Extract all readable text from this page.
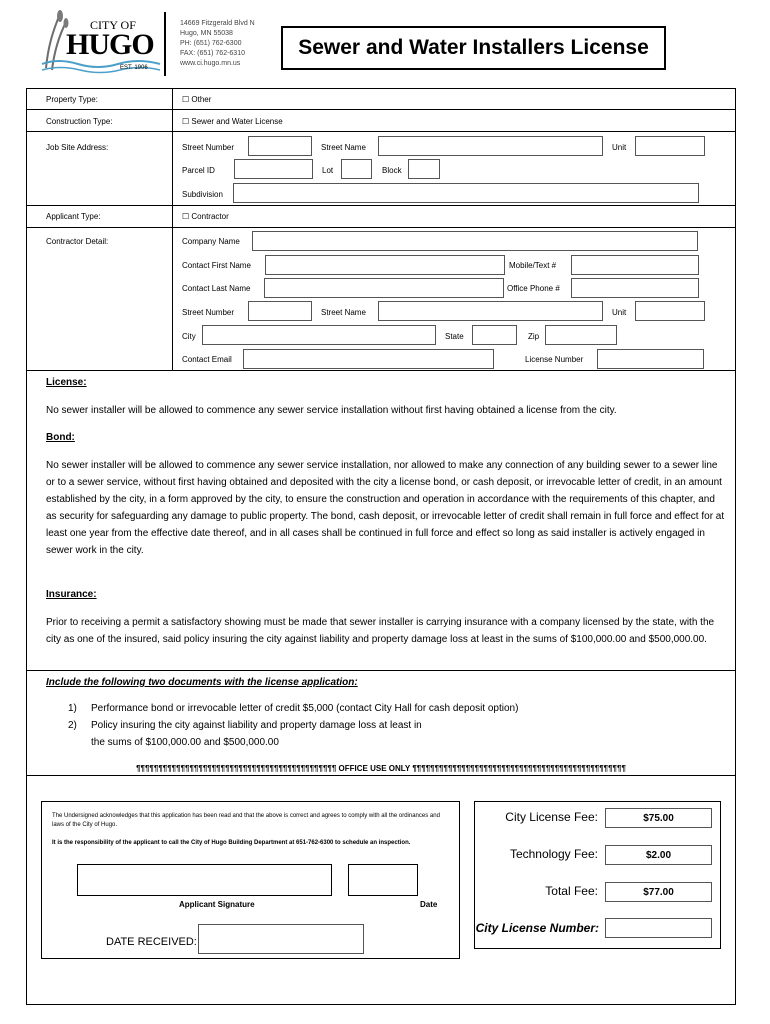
CITY OF
HUGO
EST. 1906
14669 Fitzgerald Blvd N
Hugo, MN 55038
PH: (651) 762-6300
FAX: (651) 762-6310
www.ci.hugo.mn.us
Sewer and Water Installers License
Property Type:	☐ Other
Construction Type:	☐ Sewer and Water License
Job Site Address:	Street Number	Street Name	Unit
Parcel ID	Lot	Block
Subdivision
Applicant Type:	☐ Contractor
Contractor Detail:	Company Name
Contact First Name	Mobile/Text #
Contact Last Name	Office Phone #
Street Number	Street Name	Unit
City	State	Zip
Contact Email	License Number
License:
No sewer installer will be allowed to commence any sewer service installation without first having obtained a license from the city.
Bond:
No sewer installer will be allowed to commence any sewer service installation, nor allowed to make any connection of any building sewer to a sewer line or to a sewer service, without first having obtained and deposited with the city a license bond, or cash deposit, or irrevocable letter of credit, in an amount established by the city, in a form approved by the city, to ensure the construction and operation in accordance with the requirements of this chapter, and as security for safeguarding any damage to public property. The bond, cash deposit, or irrevocable letter of credit shall remain in full force and effect for at least one year from the effective date thereof, and in all cases shall be continued in full force and effect so long as said installer is actively engaged in sewer work in the city.
Insurance:
Prior to receiving a permit a satisfactory showing must be made that sewer installer is carrying insurance with a company licensed by the state, with the city as one of the insured, said policy insuring the city against liability and property damage loss at least in the sums of $100,000.00 and $500,000.00.
Include the following two documents with the license application:
1) Performance bond or irrevocable letter of credit $5,000 (contact City Hall for cash deposit option)
2) Policy insuring the city against liability and property damage loss at least in
the sums of $100,000.00 and $500,000.00
¶¶¶¶¶¶¶¶¶¶¶¶¶¶¶¶¶¶¶¶¶¶¶¶¶¶¶¶¶¶¶¶¶¶¶¶¶¶¶¶¶¶¶¶¶ OFFICE USE ONLY ¶¶¶¶¶¶¶¶¶¶¶¶¶¶¶¶¶¶¶¶¶¶¶¶¶¶¶¶¶¶¶¶¶¶¶¶¶¶¶¶¶¶¶¶¶¶¶¶
The Undersigned acknowledges that this application has been read and that the above is correct and agrees to comply with all the ordinances and laws of the City of Hugo.
It is the responsibility of the applicant to call the City of Hugo Building Department at 651-762-6300 to schedule an inspection.
Applicant Signature	Date
DATE RECEIVED:
City License Fee:	$75.00
Technology Fee:	$2.00
Total Fee:	$77.00
City License Number:
